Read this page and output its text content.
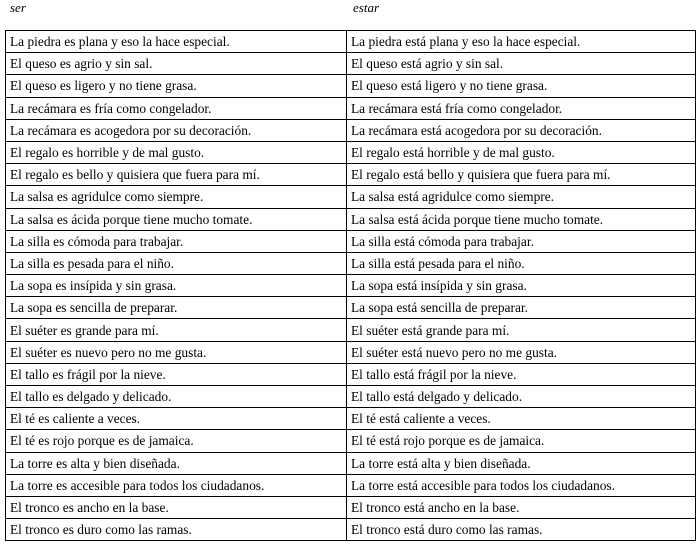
ser	estar
La piedra es plana y eso la hace especial.	La piedra está plana y eso la hace especial.
El queso es agrio y sin sal.	El queso está agrio y sin sal.
El queso es ligero y no tiene grasa.	El queso está ligero y no tiene grasa.
La recámara es fría como congelador.	La recámara está fría como congelador.
La recámara es acogedora por su decoración.	La recámara está acogedora por su decoración.
El regalo es horrible y de mal gusto.	El regalo está horrible y de mal gusto.
El regalo es bello y quisiera que fuera para mí.	El regalo está bello y quisiera que fuera para mí.
La salsa es agridulce como siempre.	La salsa está agridulce como siempre.
La salsa es ácida porque tiene mucho tomate.	La salsa está ácida porque tiene mucho tomate.
La silla es cómoda para trabajar.	La silla está cómoda para trabajar.
La silla es pesada para el niño.	La silla está pesada para el niño.
La sopa es insípida y sin grasa.	La sopa está insípida y sin grasa.
La sopa es sencilla de preparar.	La sopa está sencilla de preparar.
El suéter es grande para mí.	El suéter está grande para mí.
El suéter es nuevo pero no me gusta.	El suéter está nuevo pero no me gusta.
El tallo es frágil por la nieve.	El tallo está frágil por la nieve.
El tallo es delgado y delicado.	El tallo está delgado y delicado.
El té es caliente a veces.	El té está caliente a veces.
El té es rojo porque es de jamaica.	El té está rojo porque es de jamaica.
La torre es alta y bien diseñada.	La torre está alta y bien diseñada.
La torre es accesible para todos los ciudadanos.	La torre está accesible para todos los ciudadanos.
El tronco es ancho en la base.	El tronco está ancho en la base.
El tronco es duro como las ramas.	El tronco está duro como las ramas.
